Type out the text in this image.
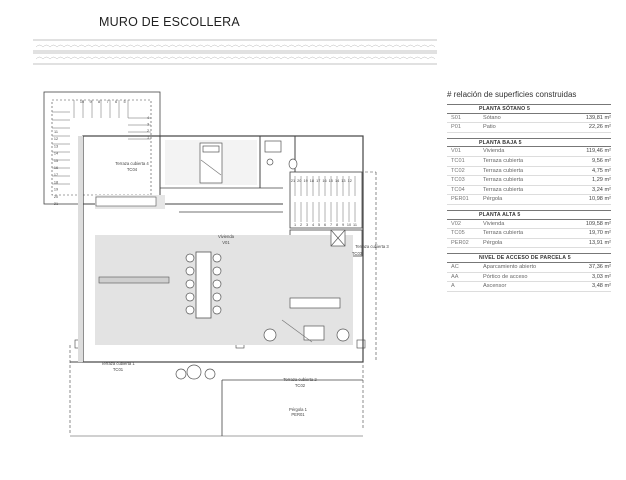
MURO DE ESCOLLERA
10 9 8 7 6 5
11
12
13
14
15
16
17
18
19
20
21
4
3
2
1
21 20 19 18 17 16 15 14 13 12
1 2 3 4 5 6 7 8 9 10 11
Terraza cubierta 4
TC04
Vivienda
V01
Terraza cubierta 3
TC03
Terraza cubierta 1
TC01
Terraza cubierta 2
TC02
Pérgola 1
PER01
# relación de superficies construidas
PLANTA SÓTANO 5
S01	Sótano	139,81 m²
P01	Patio	22,26 m²
PLANTA BAJA 5
V01	Vivienda	119,46 m²
TC01	Terraza cubierta	9,56 m²
TC02	Terraza cubierta	4,75 m²
TC03	Terraza cubierta	1,29 m²
TC04	Terraza cubierta	3,24 m²
PER01	Pérgola	10,98 m²
PLANTA ALTA 5
V02	Vivienda	109,58 m²
TC05	Terraza cubierta	19,70 m²
PER02	Pérgola	13,91 m²
NIVEL DE ACCESO DE PARCELA 5
AC	Aparcamiento abierto	37,36 m²
AA	Pórtico de acceso	3,03 m²
A	Ascensor	3,48 m²
